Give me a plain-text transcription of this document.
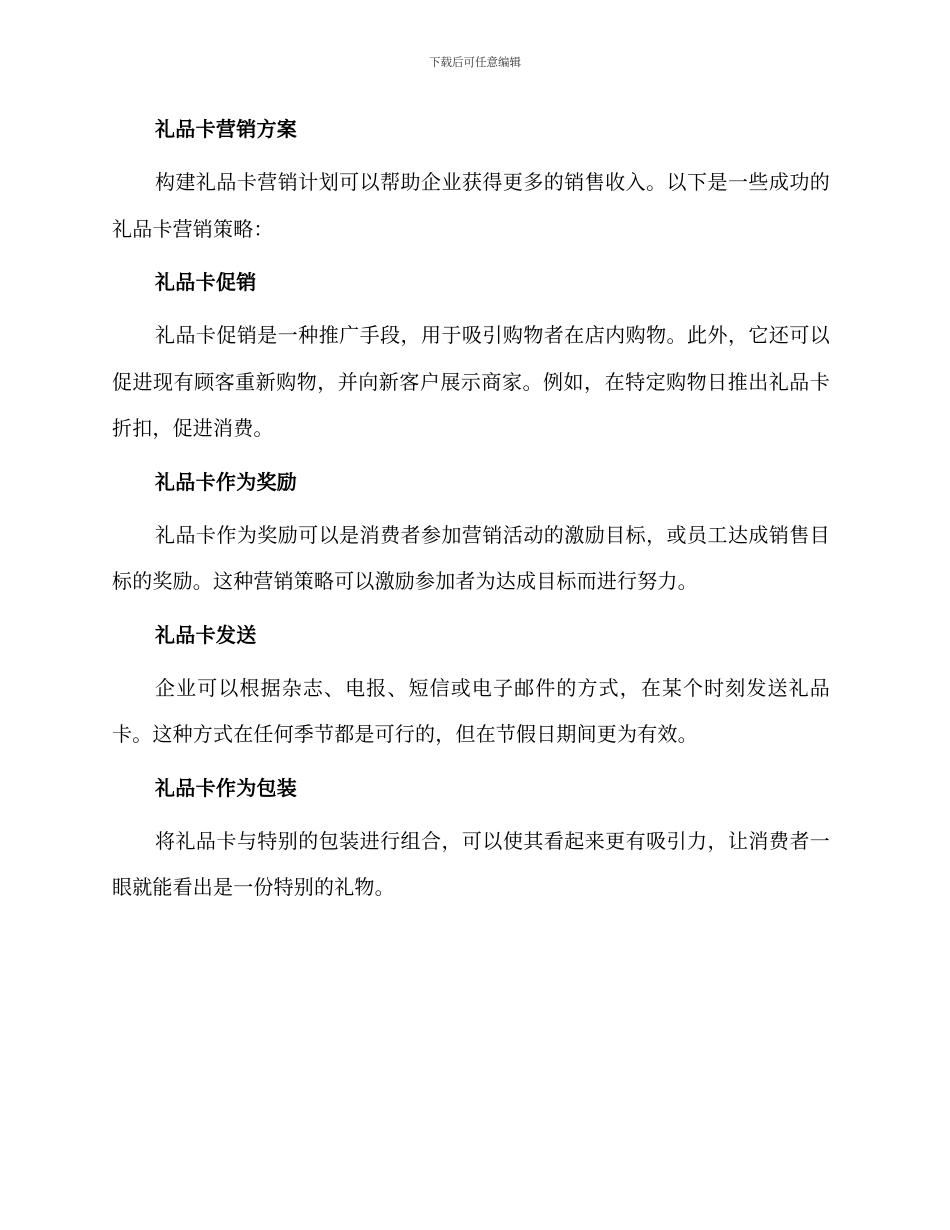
下载后可任意编辑
礼品卡营销方案

构建礼品卡营销计划可以帮助企业获得更多的销售收入。以下是一些成功的礼品卡营销策略：

礼品卡促销

礼品卡促销是一种推广手段，用于吸引购物者在店内购物。此外，它还可以促进现有顾客重新购物，并向新客户展示商家。例如，在特定购物日推出礼品卡折扣，促进消费。

礼品卡作为奖励

礼品卡作为奖励可以是消费者参加营销活动的激励目标，或员工达成销售目标的奖励。这种营销策略可以激励参加者为达成目标而进行努力。

礼品卡发送

企业可以根据杂志、电报、短信或电子邮件的方式，在某个时刻发送礼品卡。这种方式在任何季节都是可行的，但在节假日期间更为有效。

礼品卡作为包装

将礼品卡与特别的包装进行组合，可以使其看起来更有吸引力，让消费者一眼就能看出是一份特别的礼物。
